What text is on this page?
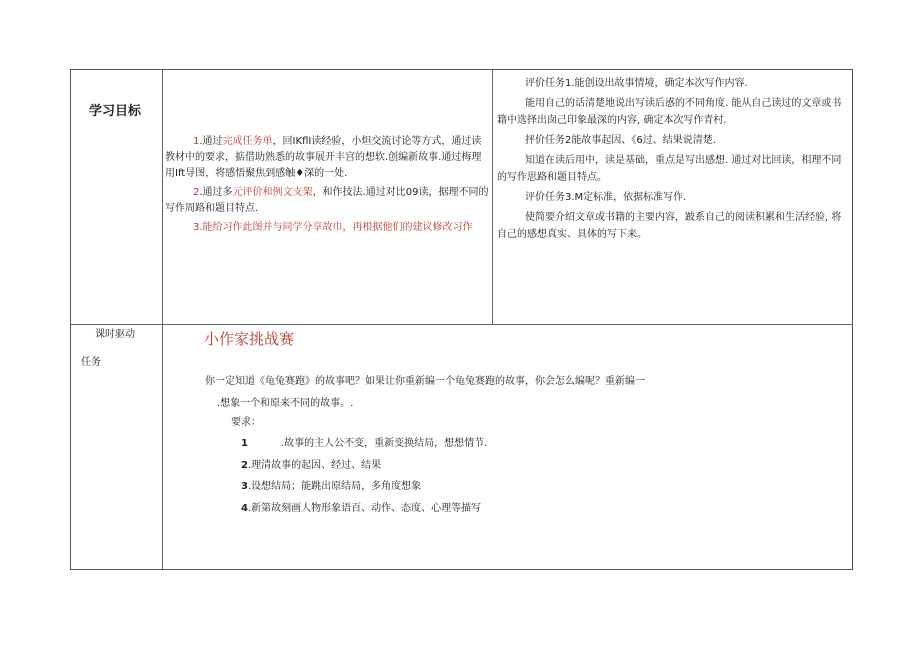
学习目标

1.通过完成任务单，回IKflI读经验，小炟交流讨论等方式，通过读教材中的要求，掂借助熟悉的故事展开丰宫的想软.创编新故事.通过梅理用Ift导图，将感悟聚焦到感触♦深的一处.

2.通过多元评价和例文支架，和作技法.通过对比09读，据理不同的写作周路和题目特点.

3.能给习作此图并与同学分享故巾，再根据他们的建议修改习作

评价任务1.能创设出故事情境，确定本次写作内容.

能用自己的话清楚地说出写读后惑的不同角度. 能从自己读过的文章或书籍中选择出囱己印象最深的内容, 确定本次写作青村.

抨价任务2能故事起因、《6过、结果说清楚.

知道在读后用中，读是基础，重点是写出感想. 通过对比回读，相理不同的写作思路和题目特点。

评价任务3.M定标准，依据标准写作.

使简要介绍文章或书籍的主要内容，跛系自己的阅读积累和生活经验, 将自己的感想真实、具体的写下来。

课时驱动
任务
小作家挑战赛
你一定知道《龟兔赛跑》的故事吧？如果让你重新编一个龟兔赛跑的故事，你会怎么编呢？重新编一
.想象一个和原来不同的故事。.
要求：
1	.故事的主人公不变，重新变换结局，想想情节.
2.理清故事的起因、经过、结果
3.设想结局；能跳出原结局，多角度想象
4.新第故刻画人物形象语百、动作、态度、心理等描写
